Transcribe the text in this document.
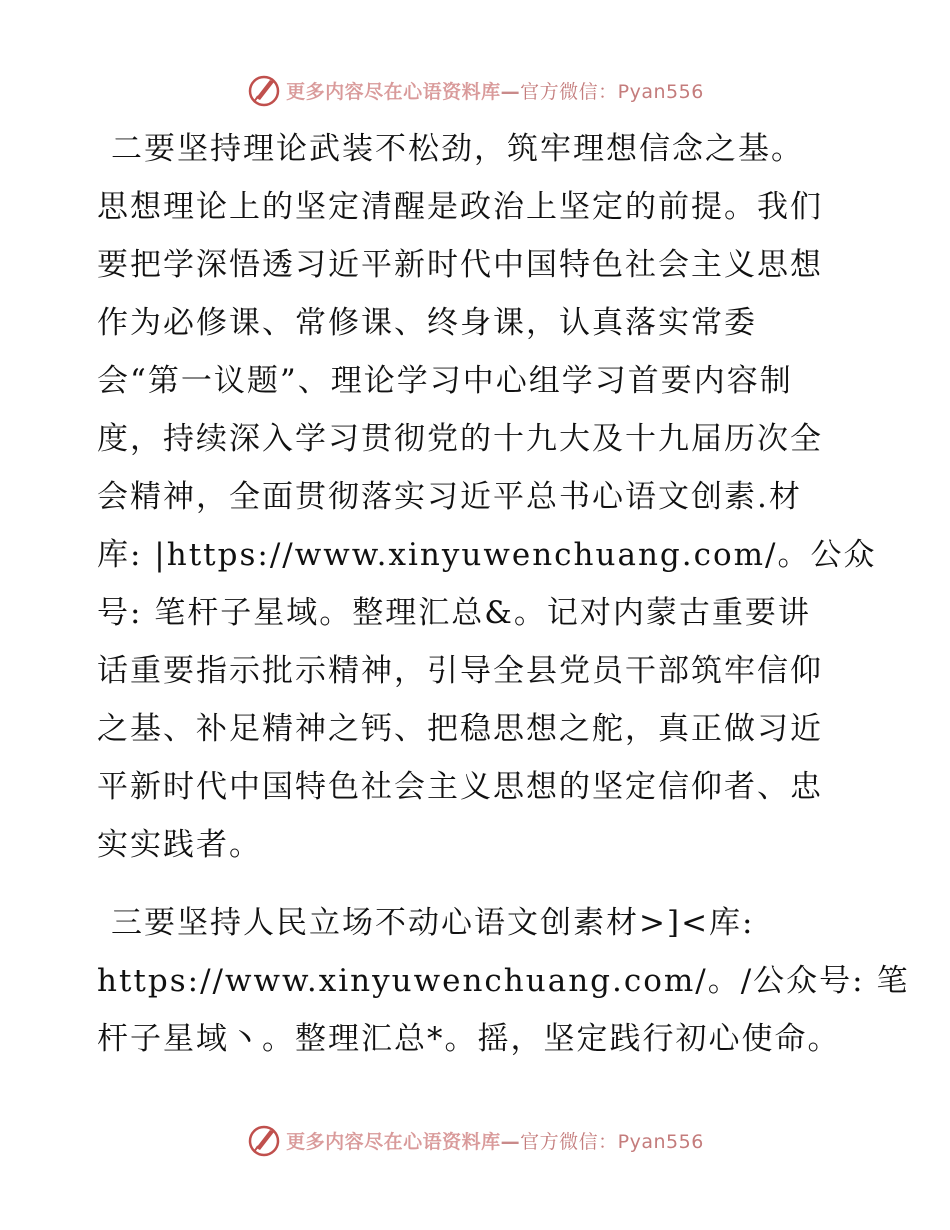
更多内容尽在心语资料库—官方微信：Pyan556

二要坚持理论武装不松劲，筑牢理想信念之基。
思想理论上的坚定清醒是政治上坚定的前提。我们
要把学深悟透习近平新时代中国特色社会主义思想
作为必修课、常修课、终身课，认真落实常委
会“第一议题”、理论学习中心组学习首要内容制
度，持续深入学习贯彻党的十九大及十九届历次全
会精神，全面贯彻落实习近平总书心语文创素.材
库: |https://www.xinyuwenchuang.com/。公众
号: 笔杆子星域。整理汇总&。记对内蒙古重要讲
话重要指示批示精神，引导全县党员干部筑牢信仰
之基、补足精神之钙、把稳思想之舵，真正做习近
平新时代中国特色社会主义思想的坚定信仰者、忠
实实践者。

三要坚持人民立场不动心语文创素材>]<库:
https://www.xinyuwenchuang.com/。/公众号: 笔
杆子星域丶。整理汇总*。摇，坚定践行初心使命。

更多内容尽在心语资料库—官方微信：Pyan556
